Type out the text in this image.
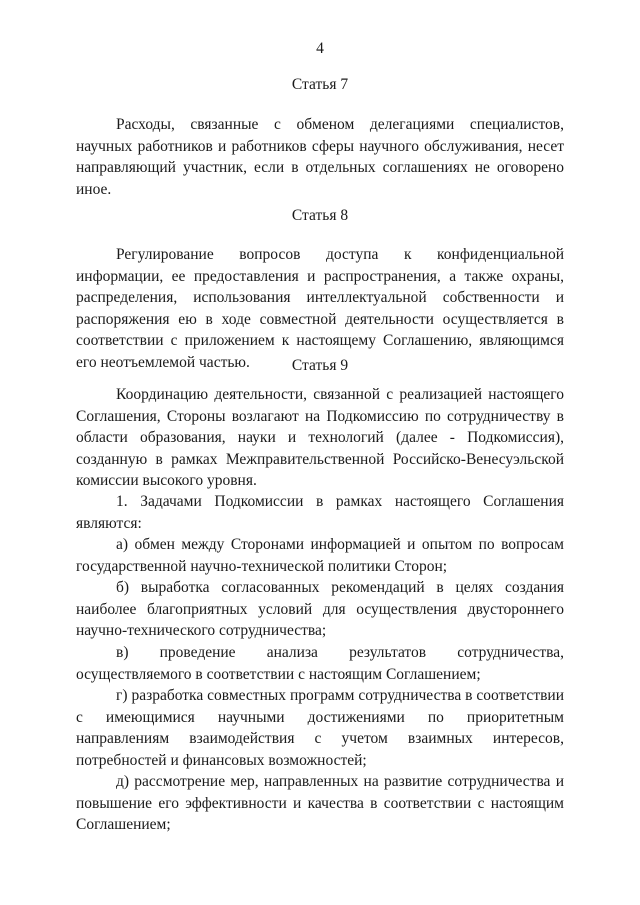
4
Статья 7

Расходы, связанные с обменом делегациями специалистов, научных работников и работников сферы научного обслуживания, несет направляющий участник, если в отдельных соглашениях не оговорено иное.

Статья 8

Регулирование вопросов доступа к конфиденциальной информации, ее предоставления и распространения, а также охраны, распределения, использования интеллектуальной собственности и распоряжения ею в ходе совместной деятельности осуществляется в соответствии с приложением к настоящему Соглашению, являющимся его неотъемлемой частью.	Статья 9

Координацию деятельности, связанной с реализацией настоящего Соглашения, Стороны возлагают на Подкомиссию по сотрудничеству в области образования, науки и технологий (далее - Подкомиссия), созданную в рамках Межправительственной Российско-Венесуэльской комиссии высокого уровня.

1. Задачами Подкомиссии в рамках настоящего Соглашения являются:

а) обмен между Сторонами информацией и опытом по вопросам государственной научно-технической политики Сторон;

б) выработка согласованных рекомендаций в целях создания наиболее благоприятных условий для осуществления двустороннего научно-технического сотрудничества;

в) проведение анализа результатов сотрудничества, осуществляемого в соответствии с настоящим Соглашением;

г) разработка совместных программ сотрудничества в соответствии с имеющимися научными достижениями по приоритетным направлениям взаимодействия с учетом взаимных интересов, потребностей и финансовых возможностей;

д) рассмотрение мер, направленных на развитие сотрудничества и повышение его эффективности и качества в соответствии с настоящим Соглашением;
